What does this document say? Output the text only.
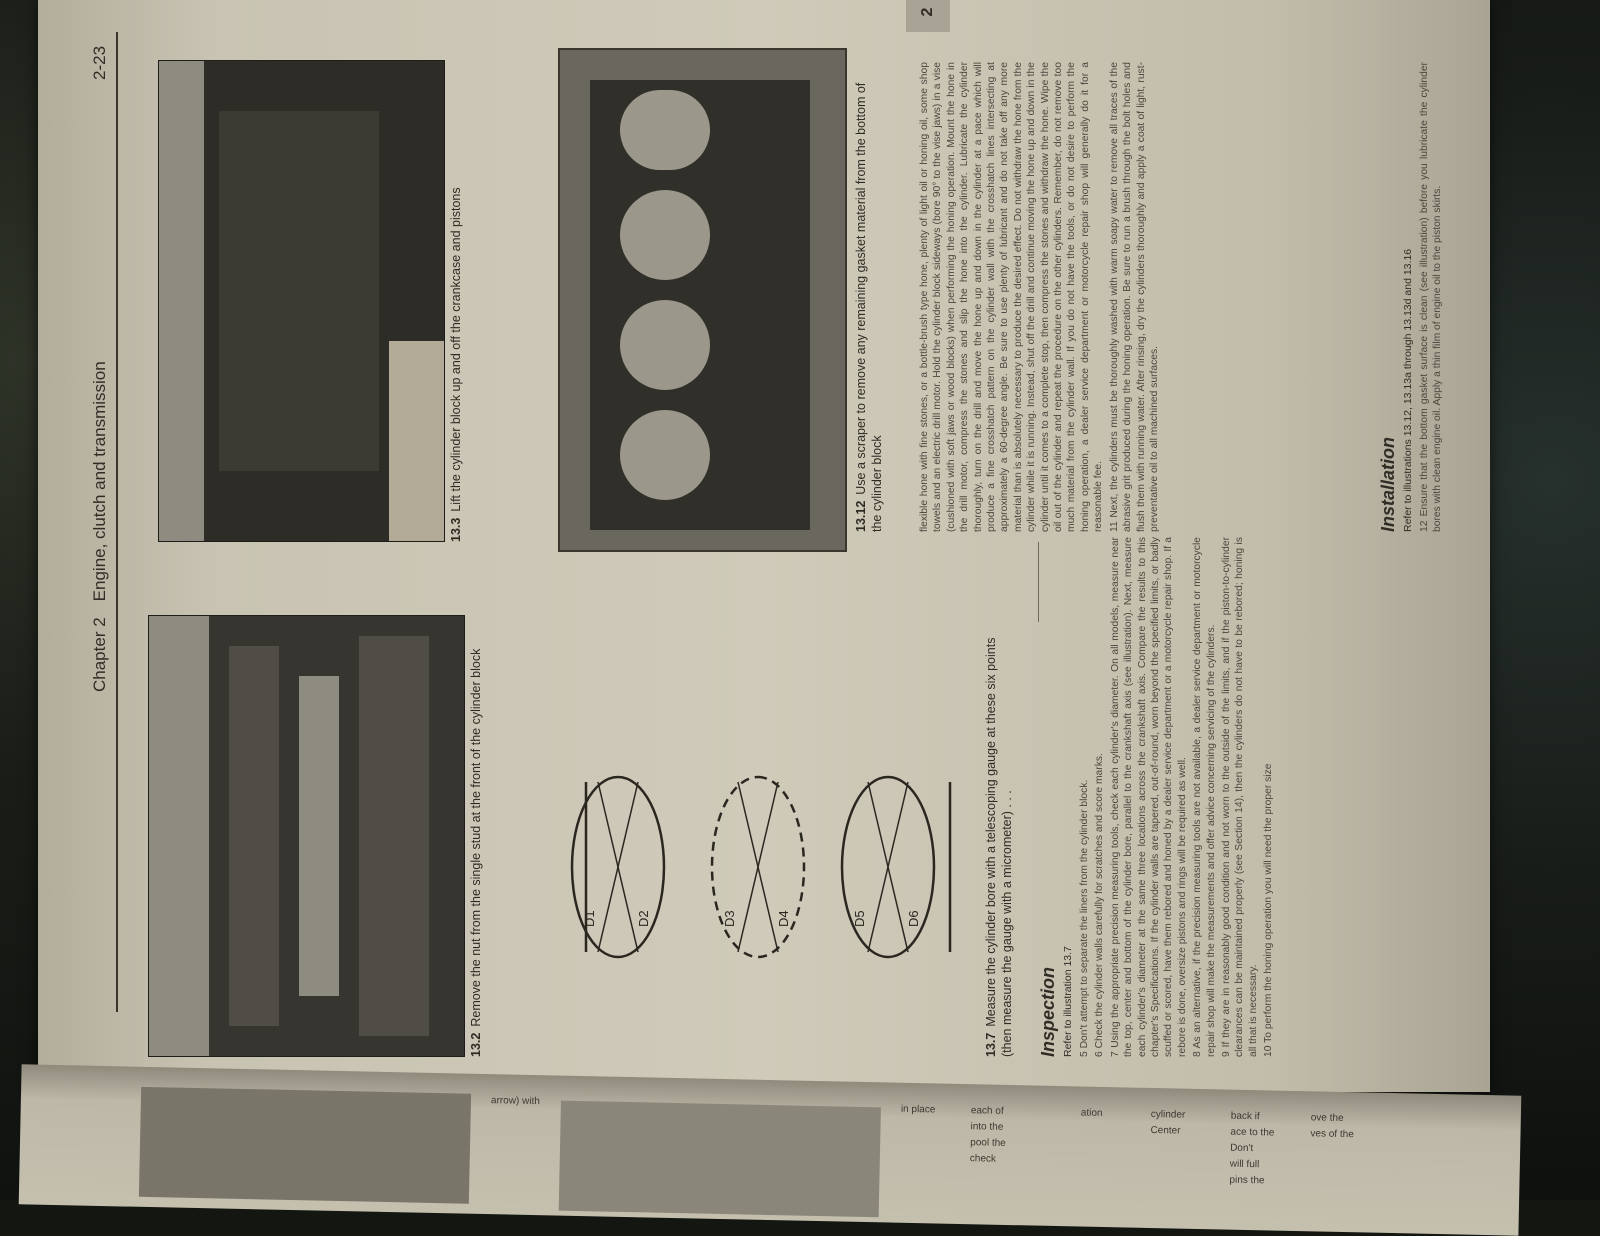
Chapter 2Engine, clutch and transmission
2-23
2
13.2Remove the nut from the single stud at the front of the cylinder block
13.3Lift the cylinder block up and off the crankcase and pistons
D1	D2	D3	D4	D5	D6
13.7Measure the cylinder bore with a telescoping gauge at these six points (then measure the gauge with a micrometer) . . .
13.12Use a scraper to remove any remaining gasket material from the bottom of the cylinder block
Inspection Refer to illustration 13.7 5 Don't attempt to separate the liners from the cylinder block. 6 Check the cylinder walls carefully for scratches and score marks. 7 Using the appropriate precision measuring tools, check each cylinder's diameter. On all models, measure near the top, center and bottom of the cylinder bore, parallel to the crankshaft axis (see illustration). Next, measure each cylinder's diameter at the same three locations across the crankshaft axis. Compare the results to this chapter's Specifications. If the cylinder walls are tapered, out-of-round, worn beyond the specified limits, or badly scuffed or scored, have them rebored and honed by a dealer service department or a motorcycle repair shop. If a rebore is done, oversize pistons and rings will be required as well. 8 As an alternative, if the precision measuring tools are not available, a dealer service department or motorcycle repair shop will make the measurements and offer advice concerning servicing of the cylinders. 9 If they are in reasonably good condition and not worn to the outside of the limits, and if the piston-to-cylinder clearances can be maintained properly (see Section 14), then the cylinders do not have to be rebored; honing is all that is necessary. 10 To perform the honing operation you will need the proper size

flexible hone with fine stones, or a bottle-brush type hone, plenty of light oil or honing oil, some shop towels and an electric drill motor. Hold the cylinder block sideways (bore 90° to the vise jaws) in a vise (cushioned with soft jaws or wood blocks) when performing the honing operation. Mount the hone in the drill motor, compress the stones and slip the hone into the cylinder. Lubricate the cylinder thoroughly, turn on the drill and move the hone up and down in the cylinder at a pace which will produce a fine crosshatch pattern on the cylinder wall with the crosshatch lines intersecting at approximately a 60-degree angle. Be sure to use plenty of lubricant and do not take off any more material than is absolutely necessary to produce the desired effect. Do not withdraw the hone from the cylinder while it is running. Instead, shut off the drill and continue moving the hone up and down in the cylinder until it comes to a complete stop, then compress the stones and withdraw the hone. Wipe the oil out of the cylinder and repeat the procedure on the other cylinders. Remember, do not remove too much material from the cylinder wall. If you do not have the tools, or do not desire to perform the honing operation, a dealer service department or motorcycle repair shop will generally do it for a reasonable fee. 11 Next, the cylinders must be thoroughly washed with warm soapy water to remove all traces of the abrasive grit produced during the honing operation. Be sure to run a brush through the bolt holes and flush them with running water. After rinsing, dry the cylinders thoroughly and apply a coat of light, rust-preventative oil to all machined surfaces.	Installation Refer to illustrations 13.12, 13.13a through 13.13d and 13.16 12 Ensure that the bottom gasket surface is clean (see illustration) before you lubricate the cylinder bores with clean engine oil. Apply a thin film of engine oil to the piston skirts.

arrow) with
in place	each of
into the
pool the
check
ation	cylinder
Center
back if
ace to the
Don't
will full
pins the
ove the
ves of the
